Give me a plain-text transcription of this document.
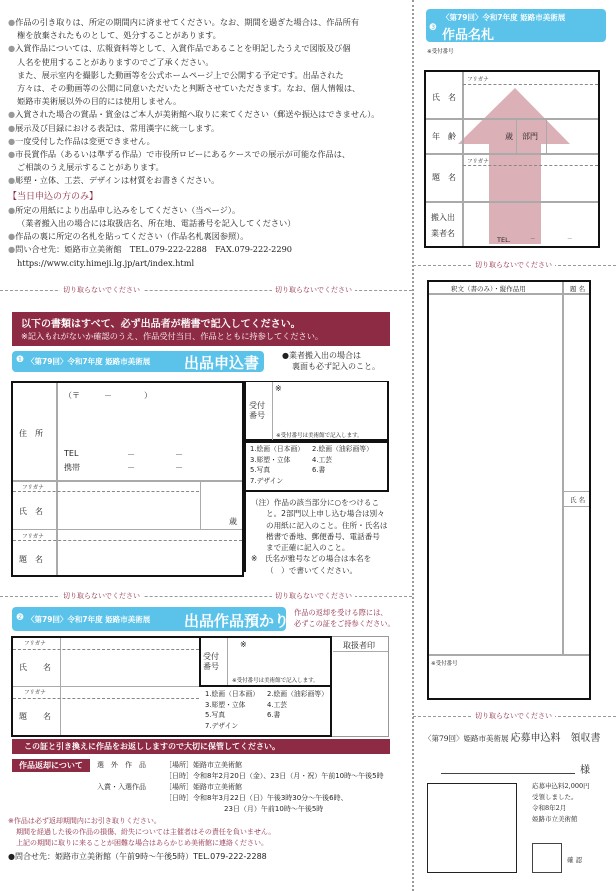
●作品の引き取りは、所定の期間内に済ませてください。なお、期間を過ぎた場合は、作品所有
権を放棄されたものとして、処分することがあります。
●入賞作品については、広報資料等として、入賞作品であることを明記したうえで図版及び個
人名を使用することがありますのでご了承ください。
また、展示室内を撮影した動画等を公式ホームページ上で公開する予定です。出品された
方々は、その動画等の公開に同意いただいたと判断させていただきます。なお、個人情報は、
姫路市美術展以外の目的には使用しません。
●入賞された場合の賞品・賞金はご本人が美術館へ取りに来てください（郵送や振込はできません）。
●展示及び目録における表記は、常用漢字に統一します。
●一度受付した作品は変更できません。
●市長賞作品（あるいは準ずる作品）で市役所ロビーにあるケースでの展示が可能な作品は、
ご相談のうえ展示することがあります。
●彫塑・立体、工芸、デザインは材質をお書きください。
【当日申込の方のみ】
●所定の用紙により出品申し込みをしてください（当ページ）。
（業者搬入出の場合には取扱店名、所在地、電話番号を記入してください）
●作品の裏に所定の名札を貼ってください（作品名札裏図参照）。
●問い合せ先：姫路市立美術館　TEL.079-222-2288　FAX.079-222-2290
https://www.city.himeji.lg.jp/art/index.html
切り取らないでください	切り取らないでください
切り取らないでください	切り取らないでください
切り取らないでください
切り取らないでください
以下の書類はすべて、必ず出品者が楷書で記入してください。
※記入もれがないか確認のうえ、作品受付当日、作品とともに持参してください。
❶ 〈第79回〉令和7年度 姫路市美術展 出品申込書	●業者搬入出の場合は
裏面も必ず記入のこと。
住　所
（〒　　　－　　　　）
TEL	－	－
携帯	－	－
フリガナ
氏　名
歳
フリガナ
題　名
受付
番号
※
※受付番号は美術館で記入します。
1.絵画（日本画） 2.絵画（油彩画等）
3.彫塑・立体	4.工芸
5.写真	6.書
7.デザイン
（注）作品の該当部分に○をつけるこ
と。2部門以上申し込む場合は別々
の用紙に記入のこと。住所・氏名は
楷書で番地、郵便番号、電話番号
まで正確に記入のこと。
※　氏名が雅号などの場合は本名を
（　）で書いてください。
❷ 〈第79回〉令和7年度 姫路市美術展 出品作品預かり証
作品の返却を受ける際には、
必ずこの証をご持参ください。
フリガナ
氏　　名
フリガナ
題　　名
受付
番号
※
※受付番号は美術館で記入します。
1.絵画（日本画） 2.絵画（油彩画等）
3.彫塑・立体	4.工芸
5.写真	6.書
7.デザイン
取扱者印
この証と引き換えに作品をお返ししますので大切に保管してください。
作品返却について 選　外　作　品	［場所］姫路市立美術館
［日時］令和8年2月20日（金）、23日（月・祝）午前10時～午後5時
入賞・入選作品	［場所］姫路市立美術館
［日時］令和8年3月22日（日）午後3時30分～午後6時、
23日（月）午前10時～午後5時
※作品は必ず返却期間内にお引き取りください。
期間を経過した後の作品の損傷、紛失については主催者はその責任を負いません。
上記の期間に取りに来ることが困難な場合はあらかじめ美術館に連絡ください。
●問合せ先：姫路市立美術館（午前9時～午後5時）TEL.079-222-2288
❸
〈第79回〉令和7年度 姫路市美術展
作品名札
※受付番号
フリガナ
氏　名
年　齢	歳 部門
フリガナ
題　名
搬入出
業者名
TEL.	－	－
釈文（書のみ）・縦作品用	題 名
氏 名
※受付番号
〈第79回〉姫路市美術展 応募申込料　領収書
様
応募申込料2,000円
受領しました。
令和8年2月
姫路市立美術館
確 認
